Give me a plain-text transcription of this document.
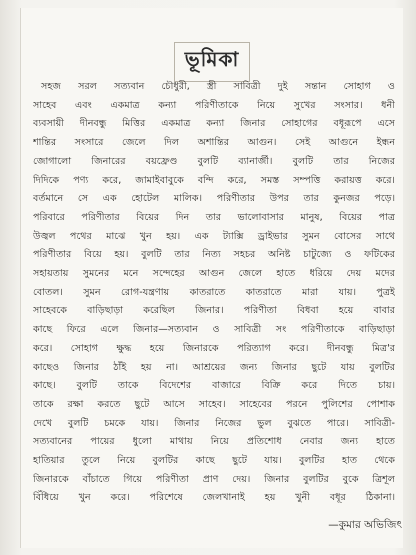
ভূমিকা
সহজ সরল সত্যবান চৌধুরী, স্ত্রী সাবিত্রী দুই সন্তান সোহাগ ও
সাহেব এবং একমাত্র কন্যা পরিণীতাকে নিয়ে সুখের সংসার। ধনী
ব্যবসায়ী দীনবন্ধু মিত্তির একমাত্র কন্যা জিনার সোহাগের বধূরূপে এসে
শান্তির সংসারে জেলে দিল অশান্তির আগুন। সেই আগুনে ইন্ধন
জোগালো জিনারের বয়ফ্রেণ্ড বুলটি ব্যানার্জী। বুলটি তার নিজের
দিদিকে পণ্য করে, জামাইবাবুকে বন্দি করে, সমস্ত সম্পত্তি করায়ত্ত করে।
বর্তমানে সে এক হোটেল মালিক। পরিণীতার উপর তার কুনজর পড়ে।
পরিবারে পরিণীতার বিয়ের দিন তার ভালোবাসার মানুষ, বিয়ের পাত্র
উজ্বল পথের মাঝে খুন হয়। এক ট্যাক্সি ড্রাইভার সুমন বোসের সাথে
পরিণীতার বিয়ে হয়। বুলটি তার নিত্য সহচর অনিষ্ট চাটুজ্যে ও ফটিকের
সহায়তায় সুমনের মনে সন্দেহের আগুন জেলে হাতে ধরিয়ে দেয় মদের
বোতল। সুমন রোগ-যন্ত্রণায় কাতরাতে কাতরাতে মারা যায়। পুত্রই
সাহেবকে বাড়িছাড়া করেছিল জিনার। পরিণীতা বিধবা হয়ে বাবার
কাছে ফিরে এলে জিনার—সত্যবান ও সাবিত্রী সং পরিণীতাকে বাড়িছাড়া
করে। সোহাগ ক্ষুদ্ধ হয়ে জিনারকে পরিত্যাগ করে। দীনবন্ধু মিত্র'র
কাছেও জিনার ঠাঁই হয় না। আশ্রয়ের জন্য জিনার ছুটে যায় বুলটির
কাছে। বুলটি তাকে বিদেশের বাজারে বিক্রি করে দিতে চায়।
তাকে রক্ষা করতে ছুটে আসে সাহেব। সাহেবের পরনে পুলিশের পোশাক
দেখে বুলটি চমকে যায়। জিনার নিজের ভুল বুঝতে পারে। সাবিত্রী-
সত্যবানের পায়ের ধুলো মাথায় নিয়ে প্রতিশোধ নেবার জন্য হাতে
হাতিয়ার তুলে নিয়ে বুলটির কাছে ছুটে যায়। বুলটির হাত থেকে
জিনারকে বাঁচাতে গিয়ে পরিণীতা প্রাণ দেয়। জিনার বুলটির বুকে ত্রিশূল
বিঁধিয়ে খুন করে। পরিশেষে জেলখানাই হয় খুনী বধূর ঠিকানা।
—কুমার অভিজিৎ
